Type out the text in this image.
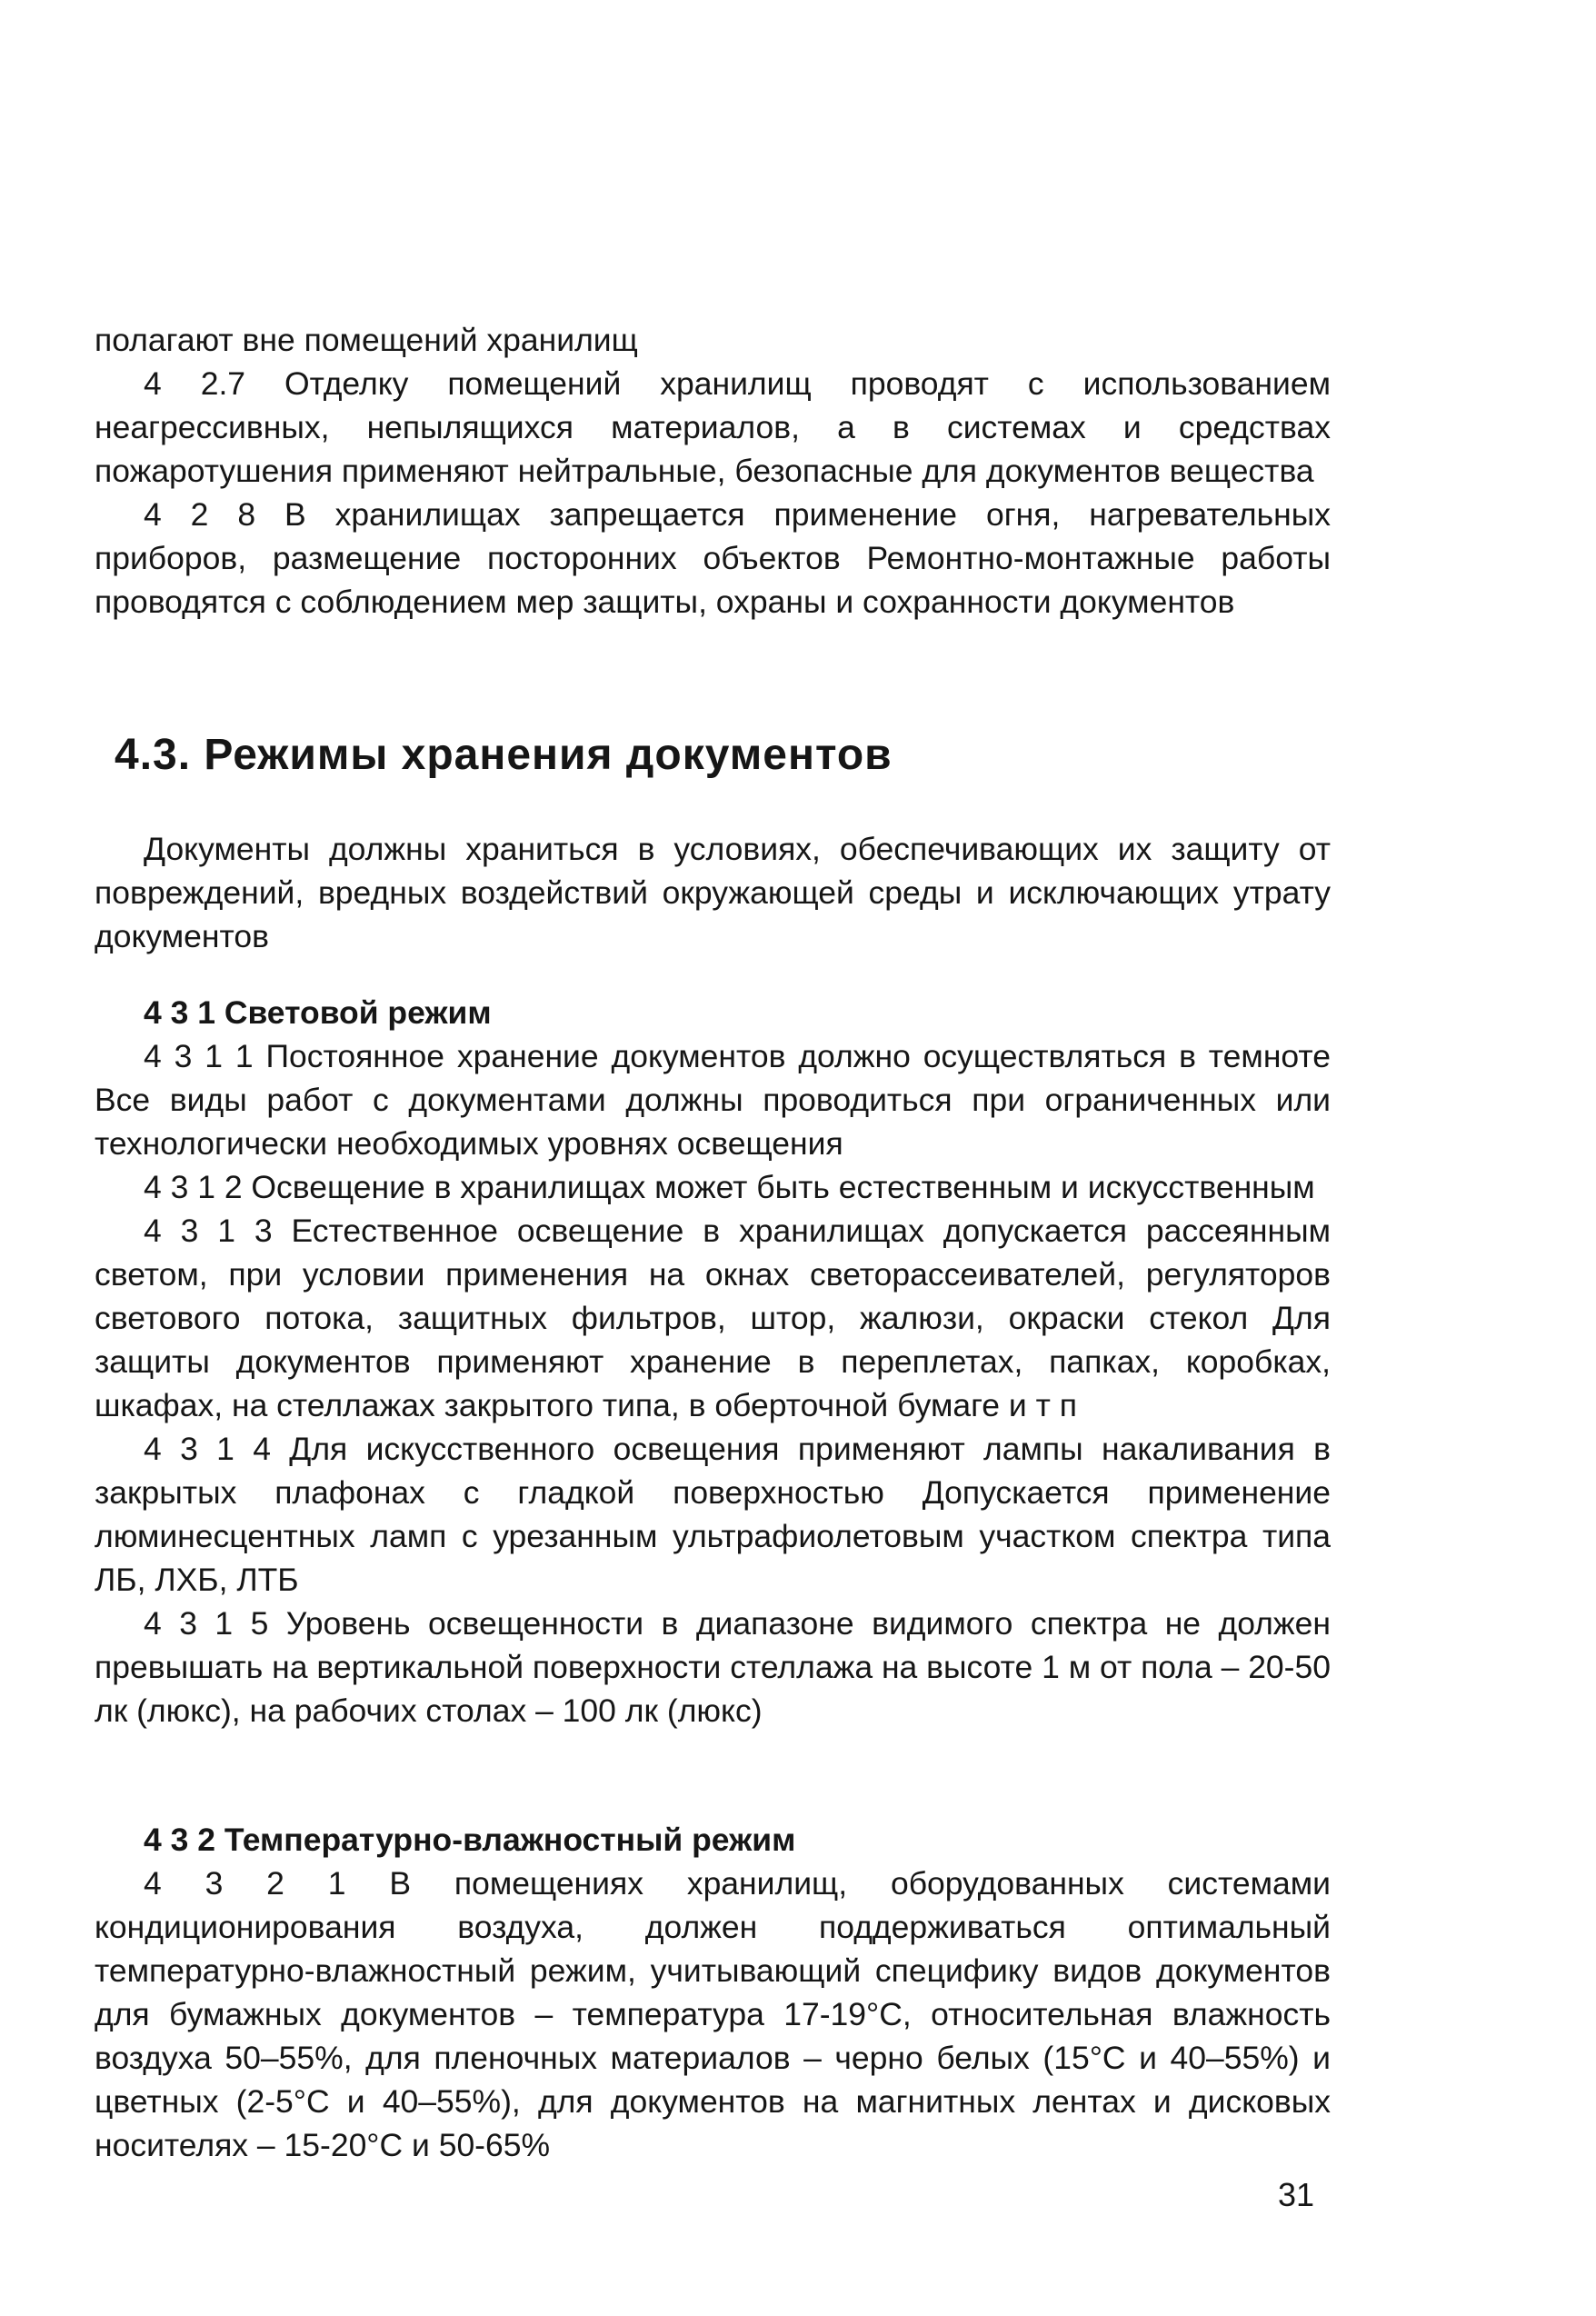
полагают вне помещений хранилищ

4 2.7 Отделку помещений хранилищ проводят с использованием неагрессивных, непылящихся материалов, а в системах и средствах пожаротушения применяют нейтральные, безопасные для документов вещества

4 2 8 В хранилищах запрещается применение огня, нагревательных приборов, размещение посторонних объектов Ремонтно-монтажные работы проводятся с соблюдением мер защиты, охраны и сохранности документов

4.3. Режимы хранения документов

Документы должны храниться в условиях, обеспечивающих их защиту от повреждений, вредных воздействий окружающей среды и исключающих утрату документов

4 3 1 Световой режим

4 3 1 1 Постоянное хранение документов должно осуществляться в темноте Все виды работ с документами должны проводиться при ограниченных или технологически необходимых уровнях освещения

4 3 1 2 Освещение в хранилищах может быть естественным и искусственным

4 3 1 3 Естественное освещение в хранилищах допускается рассеянным светом, при условии применения на окнах светорассеивателей, регуляторов светового потока, защитных фильтров, штор, жалюзи, окраски стекол Для защиты документов применяют хранение в переплетах, папках, коробках, шкафах, на стеллажах закрытого типа, в оберточной бумаге и т п

4 3 1 4 Для искусственного освещения применяют лампы накаливания в закрытых плафонах с гладкой поверхностью Допускается применение люминесцентных ламп с урезанным ультрафиолетовым участком спектра типа ЛБ, ЛХБ, ЛТБ

4 3 1 5 Уровень освещенности в диапазоне видимого спектра не должен превышать на вертикальной поверхности стеллажа на высоте 1 м от пола – 20-50 лк (люкс), на рабочих столах – 100 лк (люкс)

4 3 2 Температурно-влажностный режим

4 3 2 1 В помещениях хранилищ, оборудованных системами кондиционирования воздуха, должен поддерживаться оптимальный температурно-влажностный режим, учитывающий специфику видов документов для бумажных документов – температура 17-19°С, относительная влажность воздуха 50–55%, для пленочных материалов – черно белых (15°С и 40–55%) и цветных (2-5°С и 40–55%), для документов на магнитных лентах и дисковых носителях – 15-20°С и 50-65%

31
